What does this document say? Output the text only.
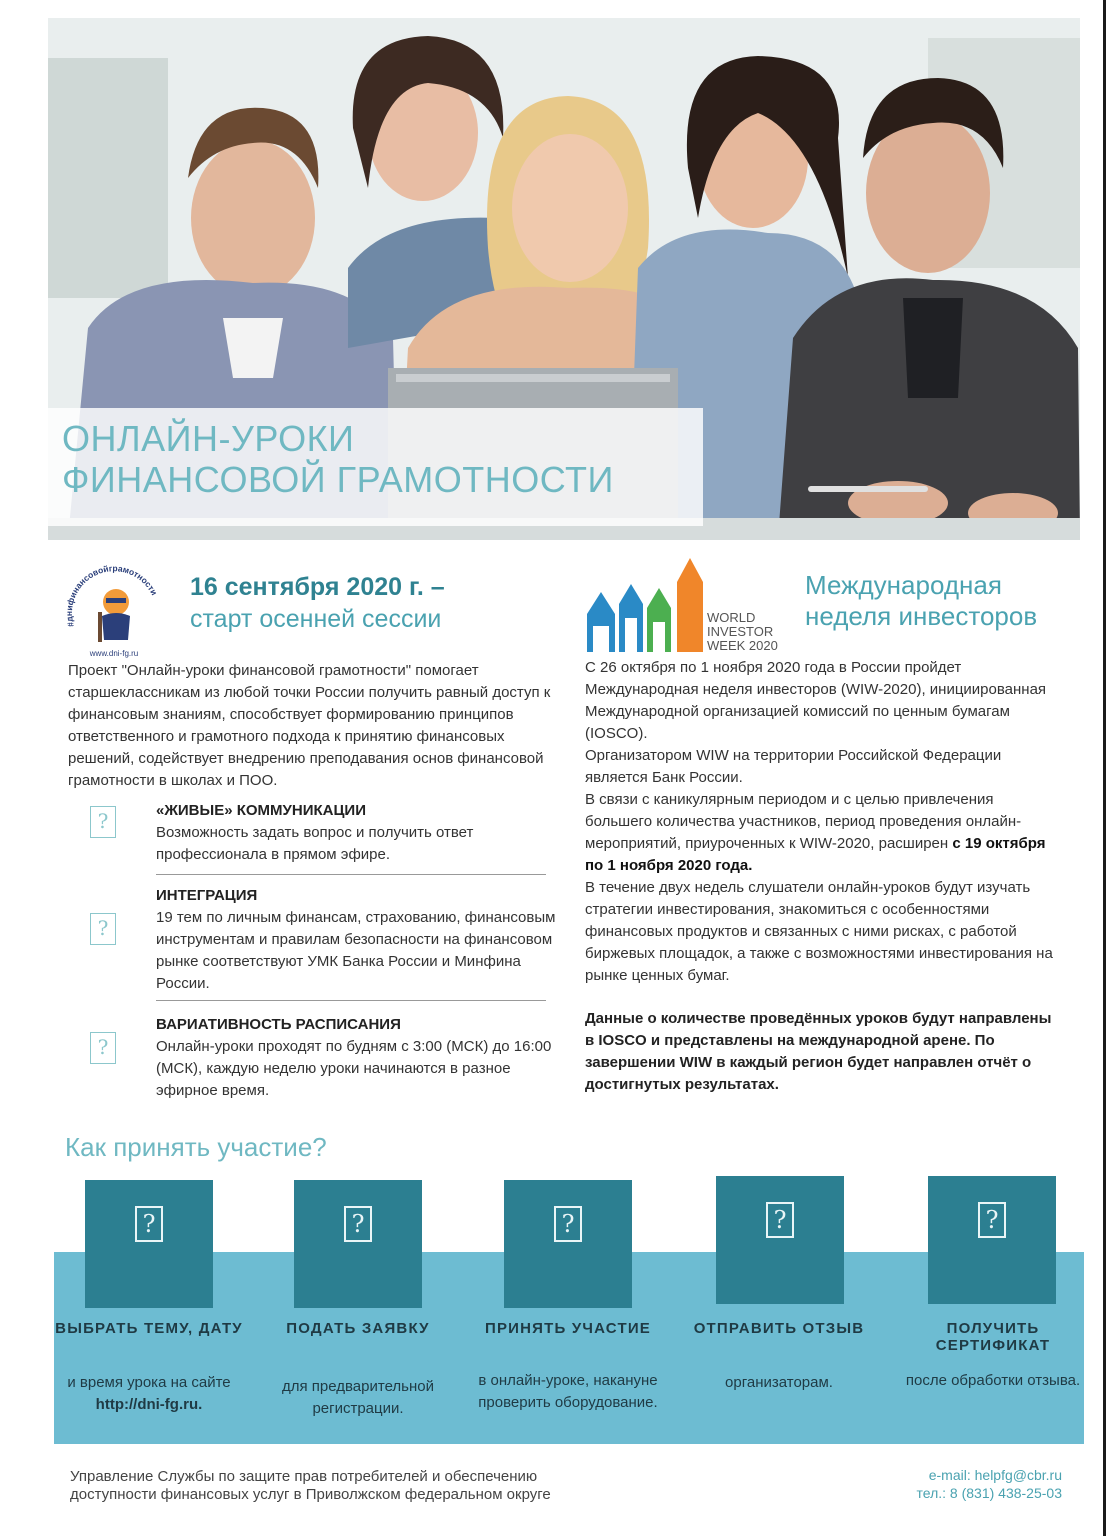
ОНЛАЙН-УРОКИ
ФИНАНСОВОЙ ГРАМОТНОСТИ
#днифинансовойграмотности
www.dni-fg.ru
16 сентября 2020 г. –
старт осенней сессии
Проект "Онлайн-уроки финансовой грамотности" помогает старшеклассникам из любой точки России получить равный доступ к финансовым знаниям, способствует формированию принципов ответственного и грамотного подхода к принятию финансовых решений, содействует внедрению преподавания основ финансовой грамотности в школах и ПОО.
?	«ЖИВЫЕ» КОММУНИКАЦИИ
Возможность задать вопрос и получить ответ профессионала в прямом эфире.
?
ИНТЕГРАЦИЯ
19 тем по личным финансам, страхованию, финансовым инструментам и правилам безопасности на финансовом рынке соответствуют УМК Банка России и Минфина России.
?
ВАРИАТИВНОСТЬ РАСПИСАНИЯ
Онлайн-уроки проходят по будням с 3:00 (МСК) до 16:00 (МСК), каждую неделю уроки начинаются в разное эфирное время.
WORLD
INVESTOR
WEEK 2020
Международная
неделя инвесторов

С 26 октября по 1 ноября 2020 года в России пройдет Международная неделя инвесторов (WIW-2020), инициированная Международной организацией комиссий по ценным бумагам (IOSCO).

Организатором WIW на территории Российской Федерации является Банк России.

В связи с каникулярным периодом и с целью привлечения большего количества участников, период проведения онлайн-мероприятий, приуроченных к WIW-2020, расширен с 19 октября по 1 ноября 2020 года.

В течение двух недель слушатели онлайн-уроков будут изучать стратегии инвестирования, знакомиться с особенностями финансовых продуктов и связанных с ними рисках, с работой биржевых площадок, а также с возможностями инвестирования на рынке ценных бумаг.

Данные о количестве проведённых уроков будут направлены в IOSCO и представлены на международной арене. По завершении WIW в каждый регион будет направлен отчёт о достигнутых результатах.
Как принять участие?
?
ВЫБРАТЬ ТЕМУ, ДАТУ
и время урока на сайте
http://dni-fg.ru.
?
ПОДАТЬ ЗАЯВКУ
для предварительной регистрации.
?
ПРИНЯТЬ УЧАСТИЕ
в онлайн-уроке, накануне проверить оборудование.
?
ОТПРАВИТЬ ОТЗЫВ
организаторам.
?
ПОЛУЧИТЬ СЕРТИФИКАТ
после обработки отзыва.
Управление Службы по защите прав потребителей и обеспечению
доступности финансовых услуг в Приволжском федеральном округе
e-mail: helpfg@cbr.ru
тел.: 8 (831) 438-25-03
